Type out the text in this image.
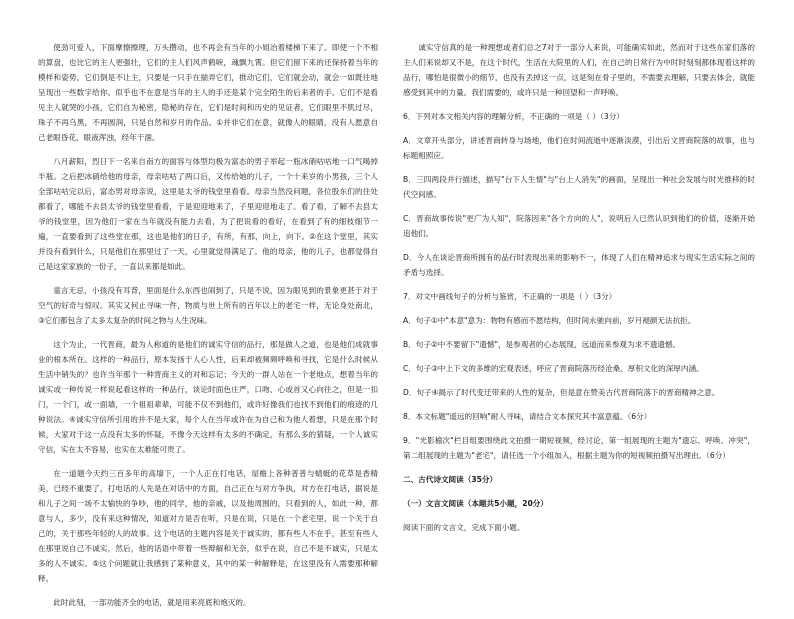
使劲可爱人，下面摩擦擦理，万头攒动，也不再会有当年的小姐冶着楼梯下来了。即使一个不相的算盘，也比它的主人更强壮，它们的主人们风声鹤唳，魂飘九霄。但它们留下来的还保持着当年的模样和姿势，它们倒是不让主，只要是一只手在揣弄它们，推动它们，它们就会动，就会一如既往地呈现出一些数字给你。似乎也不在意是当年的主人的手还是某个完全陌生的后来者的手。它们不是看见主人就哭的小孩，它们自为秘密，隐秘的存在，它们是时间和历史的见证者，它们眼里不肌过尽，珠子不再乌黑，不再圆润，只是自然和岁月的作品。①并非它们在意，就像人的眼睛，没有人愿意自己老眼昏花，眼液浑浊，经年干涸。

八月薪阳，烈日下一名来自南方的面容与体型均极为富态的男子举起一瓶冰硝咕咕地一口气喝掉半瓶。之后把冰硝给他的母亲，母亲咕咕了两口后，又传给她的儿子，一个十来岁的小男孩，三个人全部咕咕完以后，富态男对母亲说，这里是太爷的钱堂里看看。母亲当然没问题，各位股东们的住处都看了，哪能不去县太爷的钱堂里看看，于是迎迎地来了，子里迎迎地走了。看了看，了解不去县太爷的钱堂里，因为他们一家在当年就没有能力去看，为了把说看的看好，在看到了有的细枝细节一遍，一直要看到了这些堂在那，这也是他们的日子，有所，有那，向上，向下。②在这个堂里，其实并没有看到什么，只是他们在那里过了一天，心里就觉得满足了。他的母亲，他的儿子，也都觉得自己是这家家族的一份子，一直以来都是如此。

童言无忌，小孩没有耳背，里面是什么东西也闹到了，只是不说，因为眼见到的景象更甚于对于空气的好奇与惊叹。其实又何止寻味一件，物质与世上所有的百年以上的老宅一样，无论身处南北，③它们都包含了太多太复杂的时间之物与人生况味。

这个为止，一代晋商，最为人称道的是他们的诚实守信的品行，那是做人之道，也是他们成就事业的根本所在。这样的一种品行，原本发扬于人心人性，后来却被频频呼唤和寻找，它是什么时候从生活中销失的？也许当年那个一种晋商主义的对和忘记；今天的一群人站在一个老地点，想着当年的诚实或一种传说一样说起看这样的一种品行，谈论时面色庄严，口吻、心或首又心向往之，但是一扣门，一个门，或一面墙，一个祖祖辈辈，可能不仅不到他们，或许好像我们也找不到他们的痕迹的几种说法。④诚实守信所引用的并不是大家，每个人在当年或许在为自己和为他人着想，只是在那个时候，大家对于这一点没有太多的怀疑，不像今天这样有太多的不确定，有那么多的猜疑，一个人诚实守信，实在太不容易，也实在太难能可贵了。

在一道题今天约三百多年的高墙下，一个人正在打电话，屋檐上各种普普与蜻蜓的花草是香精美，已经不重要了，打电话的人先是在对话中的方面，自己正在与对方争执，对方在打电话，据说是和儿子之间一场不太愉快的争吵，他的同学，他的亲戚，以及他周围的，只看到的人，如此一种，都意与人，多少，没有来这种情况，知道对方是否在听，只是在说，只是在一个老宅里，说一个关于自己的，关于那些年轻的人的故事。这个电话的主题内容是关于诚实的，都有些人不在乎，甚至有些人在那里说自己不诚实，然后，他的话语中带着一些辩解和无奈，似乎在说，自己不是不诚实，只是太多的人不诚实。⑤这个问题就让我感到了某种意义，其中的某一种解释是，在这里没有人需要那种解释。

此时此刻，一部功能齐全的电话，就是用来亮底和炮灭的。

诚实守信真的是一种理想或者们总之7对于一部分人来说，可能确实如此，然而对于这些东家们落的主人们来说却又不是，在这个时代，生活在大院里的人们，在自己的日常行为中时时刻刻都体现着这样的品行，哪怕是很微小的细节，也没有丢掉这一点，这是刻在骨子里的，不需要去理解，只要去体会，就能感受到其中的力量。我们需要的，或许只是一种回望和一声呼唤。

6．下列对本文相关内容的理解分析，不正确的一项是（ ）（3分）

A．文章开头部分，讲述晋商转身与场地，他们在时间流逝中逐渐淡漠，引出后文晋商院落的故事，也与标题相照应。

B．三四两段并行描述，描写"台下人生情"与"台上人消失"的画面，呈现出一种社会发展与时光推移的时代空间感。

C．晋商故事传说"更广为人知"，院落因来"各个方向的人"，说明后人已然认识到他们的价值，逐渐开始追他们。

D．今人在谈论晋商所拥有的品行时表现出来的影响不一，体现了人们在精神追求与现实生活实际之间的矛盾与选择。

7．对文中画线句子的分析与鉴赏，不正确的一项是（ ）（3分）

A．句子①中"本意"意为：物物有感而不愿结构，但时间永驰向前，岁月褪颜无法抗拒。

B．句子②中不要留下"遗憾"，是参观者的心态展现，远道而来参观为求不遗遗憾。

C．句子③中上下文的多维的宏观表述，呼应了晋商院落历经沧桑、厚积文化的深厚内涵。

D．句子④揭示了时代变迁带来的人性的复杂，但是意在赞美古代晋商院落下的晋商精神之意。

8．本文标题"遥远的回响"耐人寻味，请结合文本探究其丰富意蕴。（6分）

9．"光影榆次"栏目组要围绕此文拍摄一期短视频，经讨论，第一组展现的主题为"遗忘、呼唤、冲突"，第二组展现的主题为"老宅"，请任选一个小组加入，根据主题为你的短视频拍摄写出理由。（6分）

二、古代诗文阅读（35分）

（一）文言文阅读（本题共5小题，20分）

阅读下面的文言文，完成下面小题。
